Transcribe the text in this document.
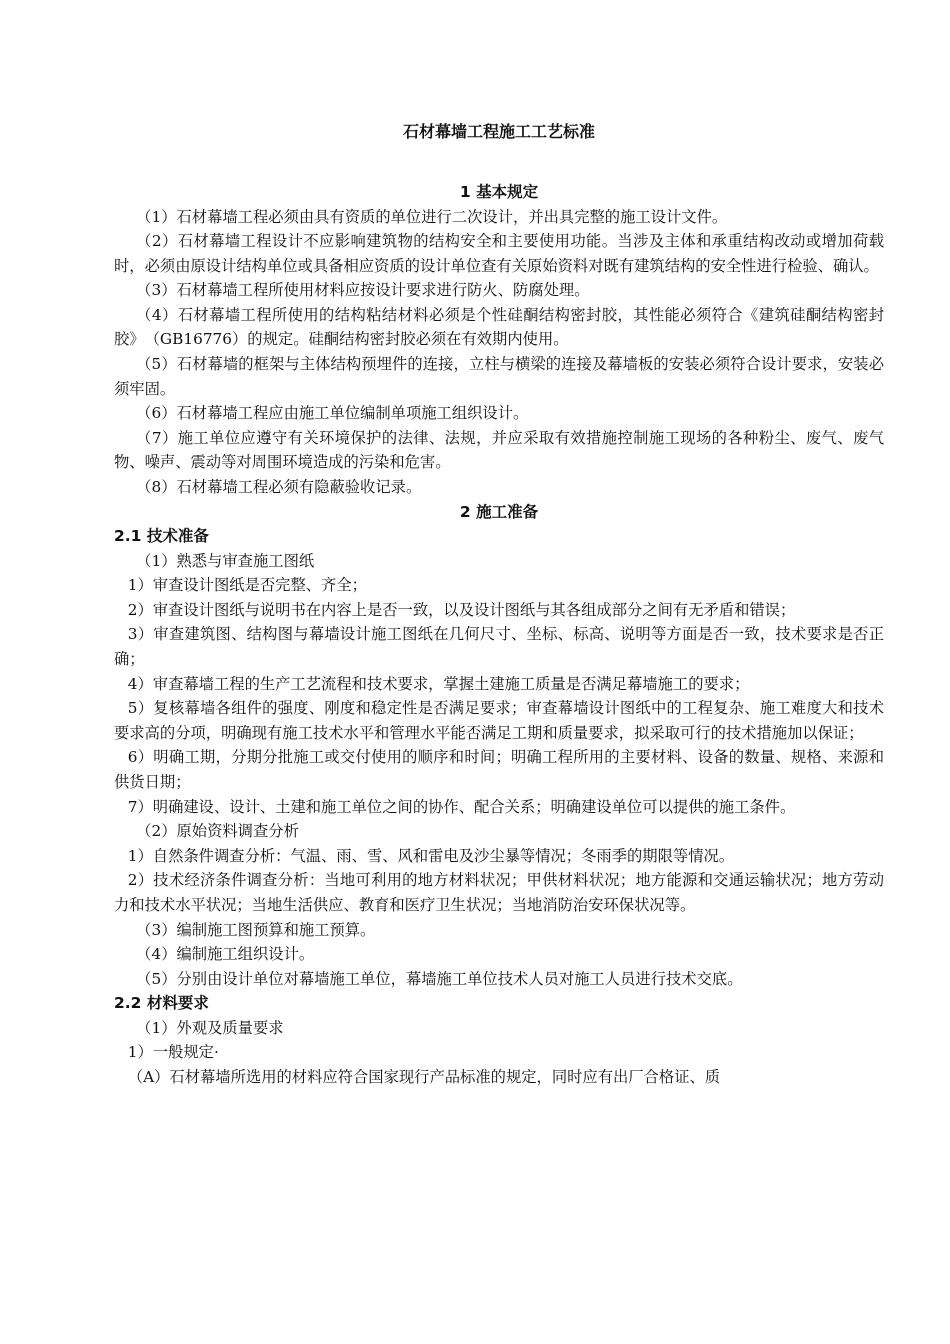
石材幕墙工程施工工艺标准
1 基本规定
（1）石材幕墙工程必须由具有资质的单位进行二次设计，并出具完整的施工设计文件。
（2）石材幕墙工程设计不应影响建筑物的结构安全和主要使用功能。当涉及主体和承重结构改动或增加荷载时，必须由原设计结构单位或具备相应资质的设计单位查有关原始资料对既有建筑结构的安全性进行检验、确认。
（3）石材幕墙工程所使用材料应按设计要求进行防火、防腐处理。
（4）石材幕墙工程所使用的结构粘结材料必须是个性硅酮结构密封胶，其性能必须符合《建筑硅酮结构密封胶》　（GB16776）的规定。硅酮结构密封胶必须在有效期内使用。
（5）石材幕墙的框架与主体结构预埋件的连接，立柱与横梁的连接及幕墙板的安装必须符合设计要求，安装必须牢固。
（6）石材幕墙工程应由施工单位编制单项施工组织设计。
（7）施工单位应遵守有关环境保护的法律、法规，并应采取有效措施控制施工现场的各种粉尘、废气、废气物、噪声、震动等对周围环境造成的污染和危害。
（8）石材幕墙工程必须有隐蔽验收记录。
2 施工准备
2.1 技术准备
（1）熟悉与审查施工图纸
1）审查设计图纸是否完整、齐全；
2）审查设计图纸与说明书在内容上是否一致，以及设计图纸与其各组成部分之间有无矛盾和错误；
3）审查建筑图、结构图与幕墙设计施工图纸在几何尺寸、坐标、标高、说明等方面是否一致，技术要求是否正确；
4）审查幕墙工程的生产工艺流程和技术要求，掌握土建施工质量是否满足幕墙施工的要求；
5）复核幕墙各组件的强度、刚度和稳定性是否满足要求；审查幕墙设计图纸中的工程复杂、施工难度大和技术要求高的分项，明确现有施工技术水平和管理水平能否满足工期和质量要求，拟采取可行的技术措施加以保证；
6）明确工期，分期分批施工或交付使用的顺序和时间；明确工程所用的主要材料、设备的数量、规格、来源和供货日期；
7）明确建设、设计、土建和施工单位之间的协作、配合关系；明确建设单位可以提供的施工条件。
（2）原始资料调查分析
1）自然条件调查分析：气温、雨、雪、风和雷电及沙尘暴等情况；冬雨季的期限等情况。
2）技术经济条件调查分析：当地可利用的地方材料状况；甲供材料状况；地方能源和交通运输状况；地方劳动力和技术水平状况；当地生活供应、教育和医疗卫生状况；当地消防治安环保状况等。
（3）编制施工图预算和施工预算。
（4）编制施工组织设计。
（5）分别由设计单位对幕墙施工单位，幕墙施工单位技术人员对施工人员进行技术交底。
2.2 材料要求
（1）外观及质量要求
1）一般规定·
（A）石材幕墙所选用的材料应符合国家现行产品标准的规定，同时应有出厂合格证、质
